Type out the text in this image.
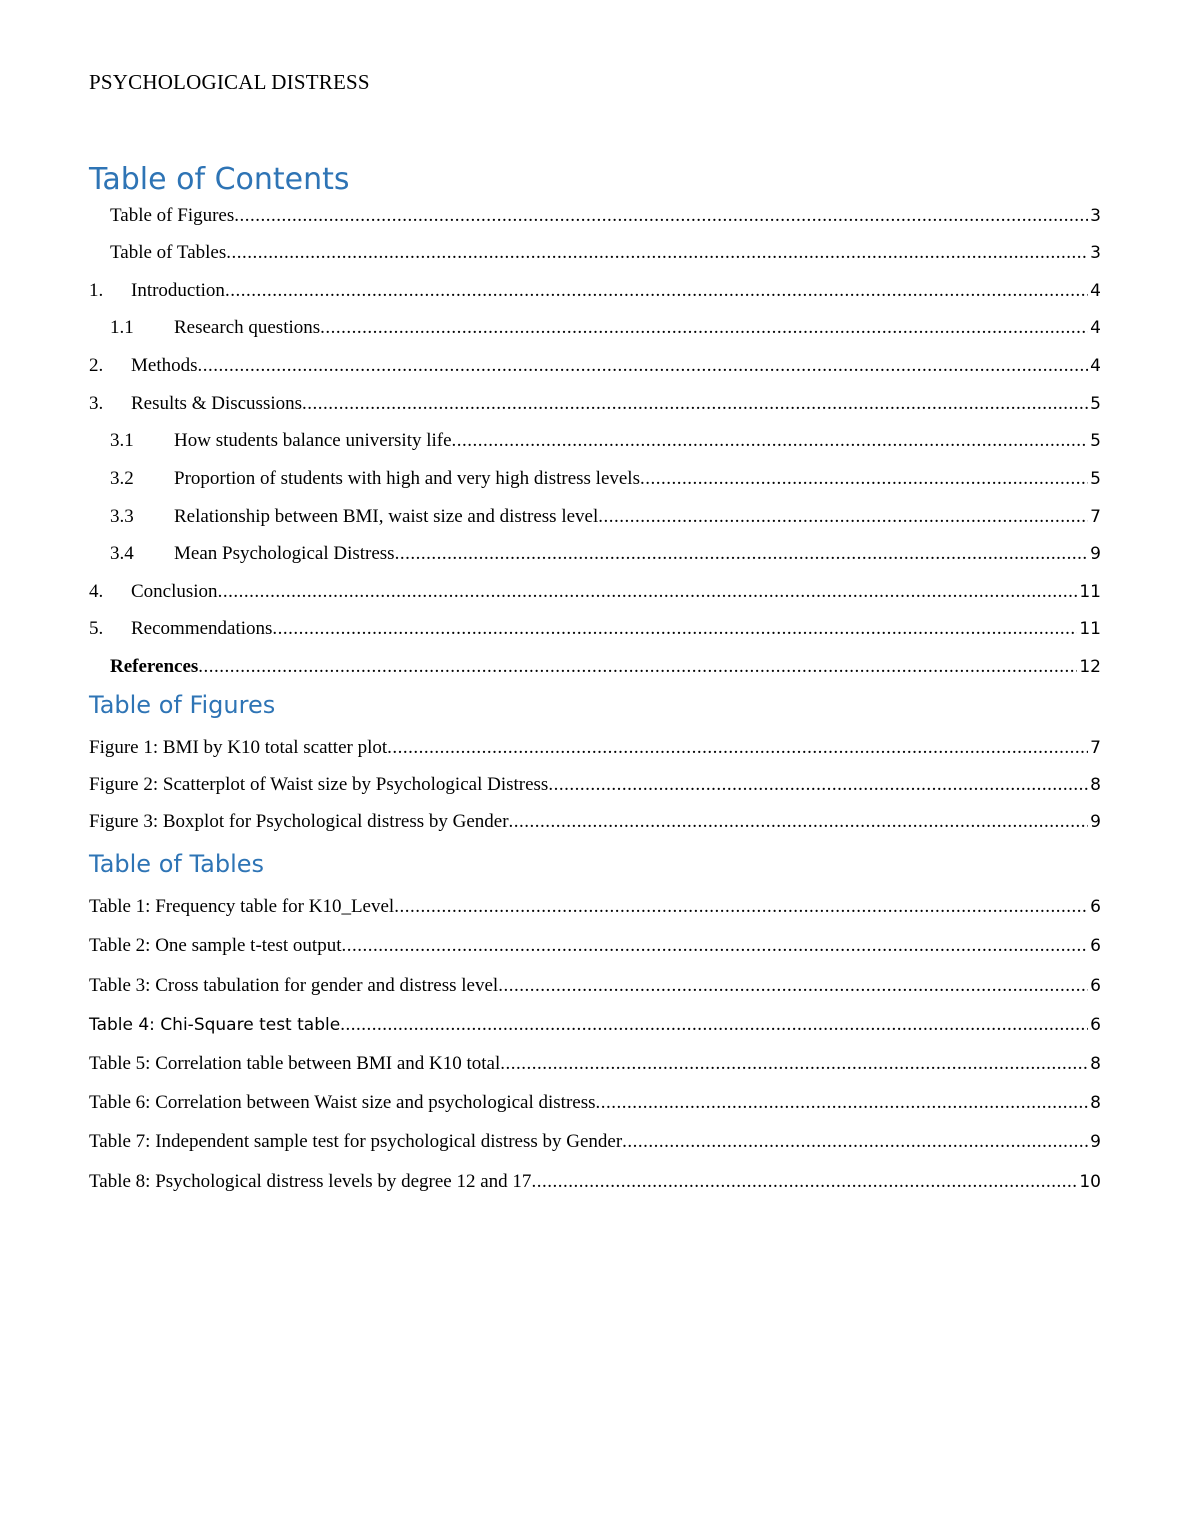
PSYCHOLOGICAL DISTRESS
Table of Contents
Table of Figures
Table of Tables
Table of Figures .....	3
Table of Tables .....	3
1.	Introduction .....	4
1.1	Research questions .....	4
2.	Methods .....	4
3.	Results & Discussions .....	5
3.1	How students balance university life .....	5
3.2	Proportion of students with high and very high distress levels .....	5
3.3	Relationship between BMI, waist size and distress level .....	7
3.4	Mean Psychological Distress .....	9
4.	Conclusion .....	11
5.	Recommendations .....	11
References .....	12
Figure 1: BMI by K10 total scatter plot .....	7
Figure 2: Scatterplot of Waist size by Psychological Distress .....	8
Figure 3: Boxplot for Psychological distress by Gender .....	9
Table 1: Frequency table for K10_Level .....	6
Table 2: One sample t-test output .....	6
Table 3: Cross tabulation for gender and distress level .....	6
Table 4: Chi-Square test table .....	6
Table 5: Correlation table between BMI and K10 total .....	8
Table 6: Correlation between Waist size and psychological distress .....	8
Table 7: Independent sample test for psychological distress by Gender .....	9
Table 8: Psychological distress levels by degree 12 and 17 .....	10
